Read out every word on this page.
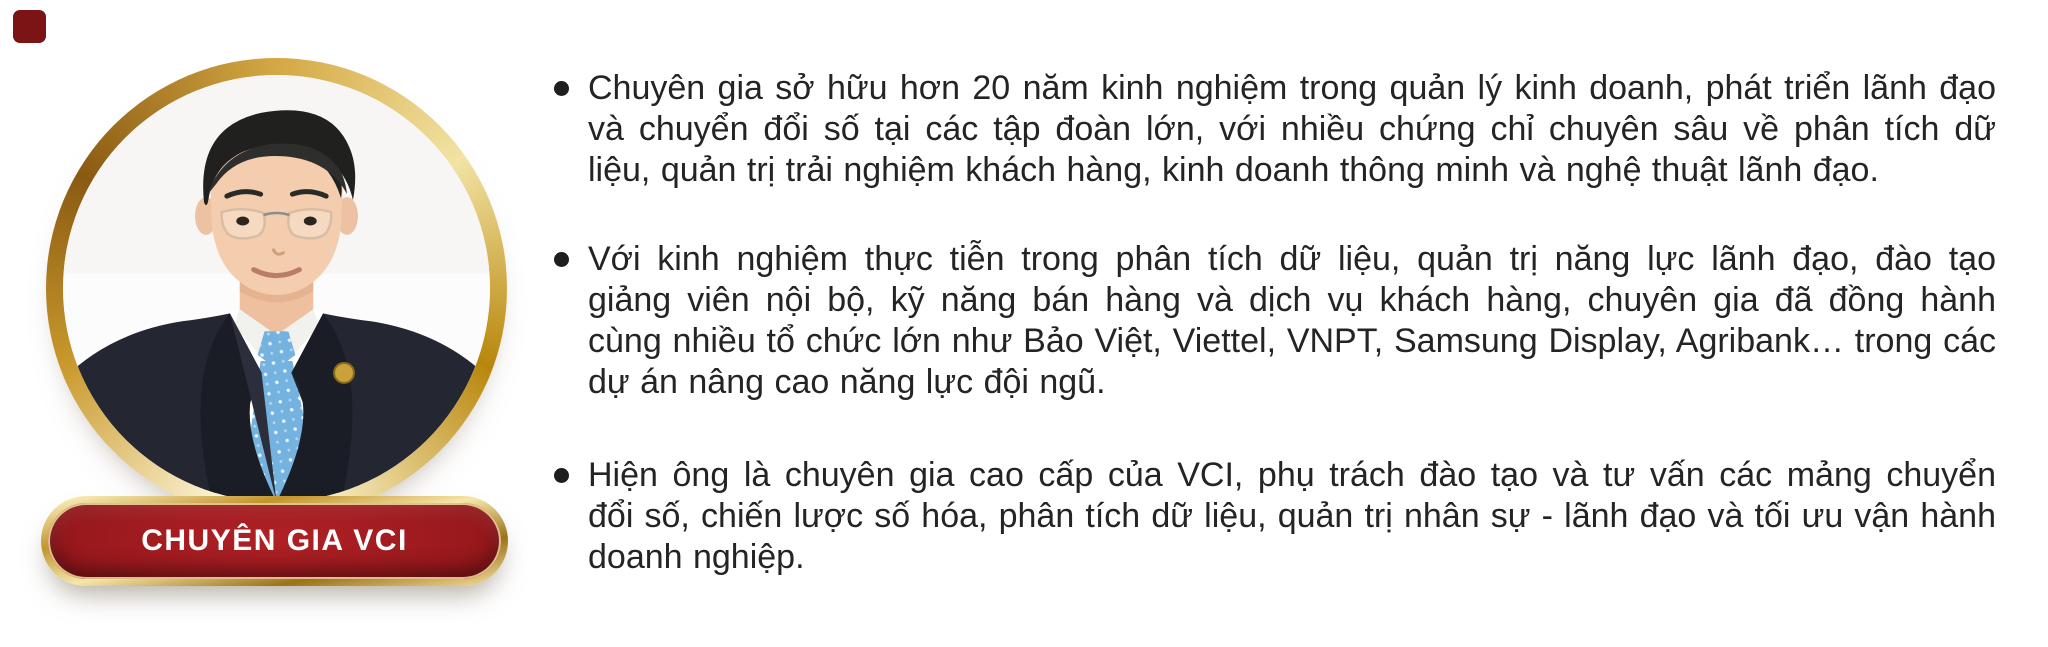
CHUYÊN GIA VCI
Chuyên gia sở hữu hơn 20 năm kinh nghiệm trong quản lý kinh doanh, phát triển lãnh đạo
và chuyển đổi số tại các tập đoàn lớn, với nhiều chứng chỉ chuyên sâu về phân tích dữ
liệu, quản trị trải nghiệm khách hàng, kinh doanh thông minh và nghệ thuật lãnh đạo.
Với kinh nghiệm thực tiễn trong phân tích dữ liệu, quản trị năng lực lãnh đạo, đào tạo
giảng viên nội bộ, kỹ năng bán hàng và dịch vụ khách hàng, chuyên gia đã đồng hành
cùng nhiều tổ chức lớn như Bảo Việt, Viettel, VNPT, Samsung Display, Agribank… trong các
dự án nâng cao năng lực đội ngũ.
Hiện ông là chuyên gia cao cấp của VCI, phụ trách đào tạo và tư vấn các mảng chuyển
đổi số, chiến lược số hóa, phân tích dữ liệu, quản trị nhân sự - lãnh đạo và tối ưu vận hành
doanh nghiệp.
